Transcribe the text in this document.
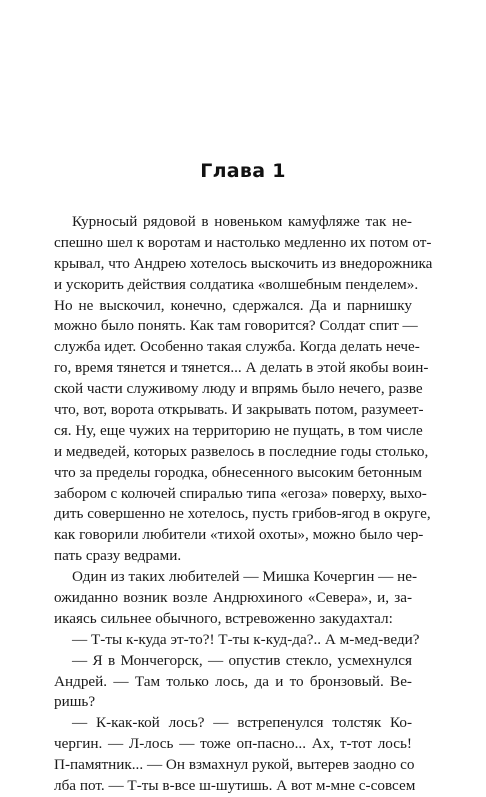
Глава 1
Курносый рядовой в новеньком камуфляже так не-
спешно шел к воротам и настолько медленно их потом от-
крывал, что Андрею хотелось выскочить из внедорожника
и ускорить действия солдатика «волшебным пенделем».
Но не выскочил, конечно, сдержался. Да и парнишку
можно было понять. Как там говорится? Солдат спит —
служба идет. Особенно такая служба. Когда делать нече-
го, время тянется и тянется... А делать в этой якобы воин-
ской части служивому люду и впрямь было нечего, разве
что, вот, ворота открывать. И закрывать потом, разумеет-
ся. Ну, еще чужих на территорию не пущать, в том числе
и медведей, которых развелось в последние годы столько,
что за пределы городка, обнесенного высоким бетонным
забором с колючей спиралью типа «егоза» поверху, выхо-
дить совершенно не хотелось, пусть грибов-ягод в округе,
как говорили любители «тихой охоты», можно было чер-
пать сразу ведрами.
Один из таких любителей — Мишка Кочергин — не-
ожиданно возник возле Андрюхиного «Севера», и, за-
икаясь сильнее обычного, встревоженно закудахтал:
— Т-ты к-куда эт-то?! Т-ты к-куд-да?.. А м-мед-веди?
— Я в Мончегорск, — опустив стекло, усмехнулся
Андрей. — Там только лось, да и то бронзовый. Ве-
ришь?
— К-как-кой лось? — встрепенулся толстяк Ко-
чергин. — Л-лось — тоже оп-пасно... Ах, т-тот лось!
П-памятник... — Он взмахнул рукой, вытерев заодно со
лба пот. — Т-ты в-все ш-шутишь. А вот м-мне с-совсем
